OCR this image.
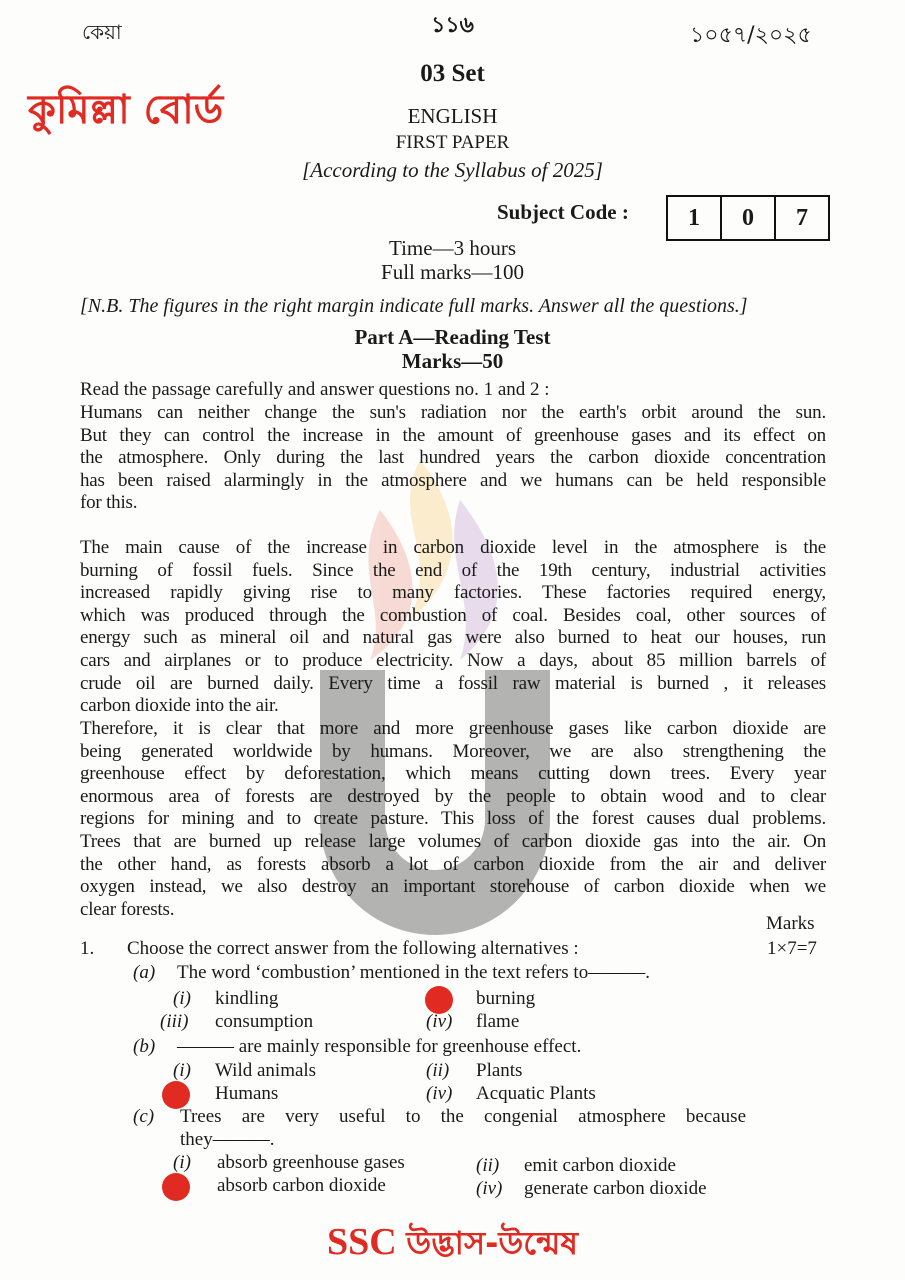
কেয়া	১১৬	১০৫৭/২০২৫
কুমিল্লা বোর্ড
03 Set
ENGLISH
FIRST PAPER
[According to the Syllabus of 2025]
Subject Code :	1	0	7
Time—3 hours
Full marks—100
[N.B. The figures in the right margin indicate full marks. Answer all the questions.]
Part A—Reading Test
Marks—50
Read the passage carefully and answer questions no. 1 and 2 :
Humans can neither change the sun's radiation nor the earth's orbit around the sun.
But they can control the increase in the amount of greenhouse gases and its effect on
the atmosphere. Only during the last hundred years the carbon dioxide concentration
has been raised alarmingly in the atmosphere and we humans can be held responsible
for this.
The main cause of the increase in carbon dioxide level in the atmosphere is the
burning of fossil fuels. Since the end of the 19th century, industrial activities
increased rapidly giving rise to many factories. These factories required energy,
which was produced through the combustion of coal. Besides coal, other sources of
energy such as mineral oil and natural gas were also burned to heat our houses, run
cars and airplanes or to produce electricity. Now a days, about 85 million barrels of
crude oil are burned daily. Every time a fossil raw material is burned , it releases
carbon dioxide into the air.
Therefore, it is clear that more and more greenhouse gases like carbon dioxide are
being generated worldwide by humans. Moreover, we are also strengthening the
greenhouse effect by deforestation, which means cutting down trees. Every year
enormous area of forests are destroyed by the people to obtain wood and to clear
regions for mining and to create pasture. This loss of the forest causes dual problems.
Trees that are burned up release large volumes of carbon dioxide gas into the air. On
the other hand, as forests absorb a lot of carbon dioxide from the air and deliver
oxygen instead, we also destroy an important storehouse of carbon dioxide when we
clear forests.
Marks
1. Choose the correct answer from the following alternatives :	1×7=7
(a) The word ‘combustion’ mentioned in the text refers to———.
(i) kindling	burning
(iii) consumption	(iv) flame
(b) ——— are mainly responsible for greenhouse effect.
(i) Wild animals	(ii) Plants
Humans	(iv) Acquatic Plants
(c) Trees are very useful to the congenial atmosphere because
they———.
(i) absorb greenhouse gases	(ii) emit carbon dioxide
absorb carbon dioxide	(iv) generate carbon dioxide
SSC উদ্ভাস-উন্মেষ
